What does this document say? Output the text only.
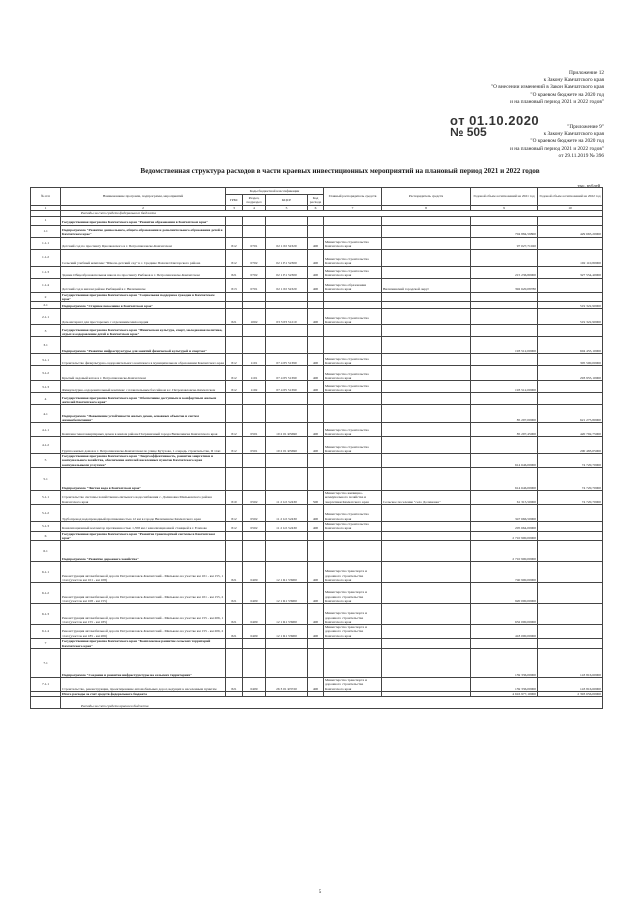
Приложение 12
к Закону Камчатского края
"О внесении изменений в Закон Камчатского края
"О краевом бюджете на 2020 год
и на плановый период 2021 и 2022 годов"
от 01.10.2020
№ 505	"Приложение 9"
к Закону Камчатского края
"О краевом бюджете на 2020 год
и на плановый период 2021 и 2022 годов"
от 29.11.2019 № 396
Ведомственная структура расходов в части краевых инвестиционных мероприятий на плановый период 2021 и 2022 годов
тыс. рублей
№ п/п	Наименование программ, подпрограмм, мероприятий	Коды бюджетной классификации				Главный распорядитель средств	Распорядитель средств	Годовой объем ассигнований на 2021 год	Годовой объем ассигнований на 2022 год
		ГРБС	Раздел, подраздел	КЦСР	Код расхода				
1	2	3	4	5	6	7	8	9	10
	Расходы за счет средств федерального бюджета								
1	Государственная программа Камчатского края "Развитие образования в Камчатском крае"								
1.1	Подпрограмма "Развитие дошкольного, общего образования и дополнительного образования детей в Камчатском крае"							704 884,59800	429 665,20000
1.1.1	Детский сад по проспекту Циолковского в г. Петропавловске-Камчатском	812	0701	02 1 Р2 52320	400	Министерство строительства Камчатского края		97 027,71020	
1.1.2	Сельский учебный комплекс "Школа-детский сад" в с. Средние Пахачи Олюторского района	812	0702	02 1 Е1 52300	400	Министерство строительства Камчатского края			102 110,80000
1.1.3	Здание Общеобразовательная школа по проспекту Рыбаков в г. Петропавловске-Камчатском	821	0702	02 1 Е1 52300	400	Министерство строительства Камчатского края		215 236,80000	327 554,40000
1.1.4	Детский сад в жилом районе Рыбацкий в г. Вилючинске	813	0701	02 1 Р2 52320	400	Министерство образования Камчатского края	Вилючинский городской округ	392 620,08780	
2	Государственная программа Камчатского края "Социальная поддержка граждан в Камчатском крае"								
2.1	Подпрограмма "Старшее поколение в Камчатском крае"								519 322,90000
2.1.1	Дом-интернат для престарелых с отделением милосердия	821	1002	03 3 Р3 51210	400	Министерство строительства Камчатского края			519 322,90000
3	Государственная программа Камчатского края "Физическая культура, спорт, молодежная политика, отдых и оздоровление детей в Камчатском крае"								
3.1	Подпрограмма "Развитие инфраструктуры для занятий физической культурой и спортом"							193 512,00000	604 455,10000
3.1.1	Строительство физкультурно-оздоровительного комплекса в муниципальном образовании Камчатского края	812	1101	07 4 Р5 51390	400	Министерство строительства Камчатского края			305 500,00000
3.1.2	Крытый ледовый каток в г. Петропавловске-Камчатском	812	1101	07 4 Р5 51390	400	Министерство строительства Камчатского края			293 955,10000
3.1.3	Физкультурно-оздоровительный комплекс с плавательным бассейном в г. Петропавловске-Камчатском	812	1102	07 4 Р5 51390	400	Министерство строительства Камчатского края		193 512,00000	
4	Государственная программа Камчатского края "Обеспечение доступным и комфортным жильем жителей Камчатского края"								
4.1	Подпрограмма "Повышение устойчивости жилых домов, основных объектов и систем жизнеобеспечения"							85 297,00000	621 275,80000
4.1.1	Комплекс многоквартирных домов в жилом районе Пограничный города Вилючинска Камчатского края	812	0501	10 2 01 R5690	400	Министерство строительства Камчатского края		85 297,45000	420 792,75000
4.1.2	Группа жилых домов в г. Петропавловске-Камчатском по улице Кутузова, 1 очередь строительства, II этап	812	0501	10 2 01 R5690	400	Министерство строительства Камчатского края			200 483,05000
5	Государственная программа Камчатского края "Энергоэффективность, развитие энергетики и коммунального хозяйства, обеспечение жителей населенных пунктов Камчатского края коммунальными услугами"							614 646,00000	74 720,70000
5.1	Подпрограмма "Чистая вода в Камчатском крае"							614 646,00000	74 720,70000
5.1.1	Строительство системы хозяйственно-питьевого водоснабжения с. Долиновка Мильковского района Камчатского края	810	0502	11 2 G5 52430	500	Министерство жилищно-коммунального хозяйства и энергетики Камчатского края	Сельское поселение "село Долиновка"	61 315,50000	74 720,70000
5.1.2	Трубопровод водопроводный протяженностью 12 км в городе Вилючинске Камчатского края	812	0502	11 2 G5 52430	400	Министерство строительства Камчатского края		347 666,50000	
5.1.3	Канализационный коллектор протяженностью 1,358 км с канализационной станцией в г. Елизово	812	0502	11 2 G5 52430	400	Министерство строительства Камчатского края		205 664,00000	
6	Государственная программа Камчатского края "Развитие транспортной системы в Камчатском крае"							2 710 900,00000	
6.1	Подпрограмма "Развитие дорожного хозяйства"							2 710 900,00000	
6.1.1	Реконструкция автомобильной дороги Петропавловск-Камчатский - Мильково на участке км 101 - км 155, 1 этап (участок км 101 - км 108)	821	0409	12 1 R1 53900	400	Министерство транспорта и дорожного строительства Камчатского края		740 900,00000	
6.1.2	Реконструкция автомобильной дороги Петропавловск-Камчатский - Мильково на участке км 101 - км 155, 2 этап (участок км 108 - км 155)	821	0409	12 1 R1 53900	400	Министерство транспорта и дорожного строительства Камчатского края		920 000,00000	
6.1.3	Реконструкция автомобильной дороги Петропавловск-Камчатский - Мильково на участке км 155 - км 206, 1 этап (участок км 155 - км 185)	821	0409	12 1 R1 53900	400	Министерство транспорта и дорожного строительства Камчатского края		632 000,00000	
6.1.4	Реконструкция автомобильной дороги Петропавловск-Камчатский - Мильково на участке км 155 - км 206, 2 этап (участок км 185 - км 206)	821	0409	12 1 R1 53900	400	Министерство транспорта и дорожного строительства Камчатского края		418 000,00000	
7	Государственная программа Камчатского края "Комплексное развитие сельских территорий Камчатского края"								
7.1	Подпрограмма "Создание и развитие инфраструктуры на сельских территориях"							159 336,00000	143 816,60000
7.1.1	Строительство, реконструкция, проектирование автомобильных дорог, ведущих к населенным пунктам	821	0409	26 3 01 R3720	400	Министерство транспорта и дорожного строительства Камчатского края		159 336,00000	143 816,60000
	Итого расходы за счет средств федерального бюджета							4 616 977,10000	2 393 656,00000
	Расходы за счет средств краевого бюджета								
5
